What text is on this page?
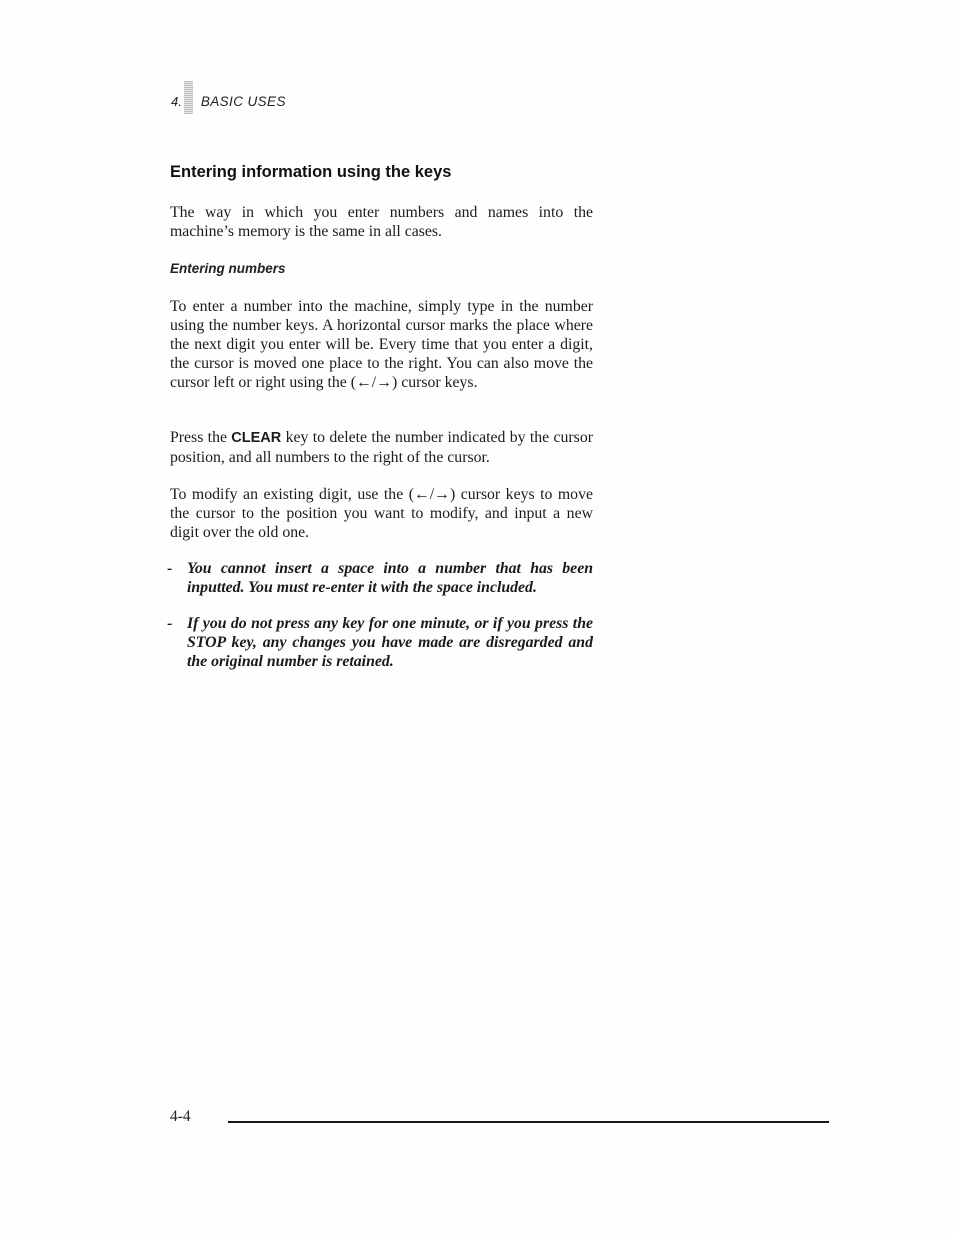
4. BASIC USES
Entering information using the keys

The way in which you enter numbers and names into the machine’s memory is the same in all cases.

Entering numbers

To enter a number into the machine, simply type in the number using the number keys. A horizontal cursor marks the place where the next digit you enter will be. Every time that you enter a digit, the cursor is moved one place to the right. You can also move the cursor left or right using the (←/→) cursor keys.

Press the CLEAR key to delete the number indicated by the cursor position, and all numbers to the right of the cursor.

To modify an existing digit, use the (←/→) cursor keys to move the cursor to the position you want to modify, and input a new digit over the old one.

- You cannot insert a space into a number that has been inputted. You must re-enter it with the space included.
- If you do not press any key for one minute, or if you press the STOP key, any changes you have made are disregarded and the original number is retained.
4-4
